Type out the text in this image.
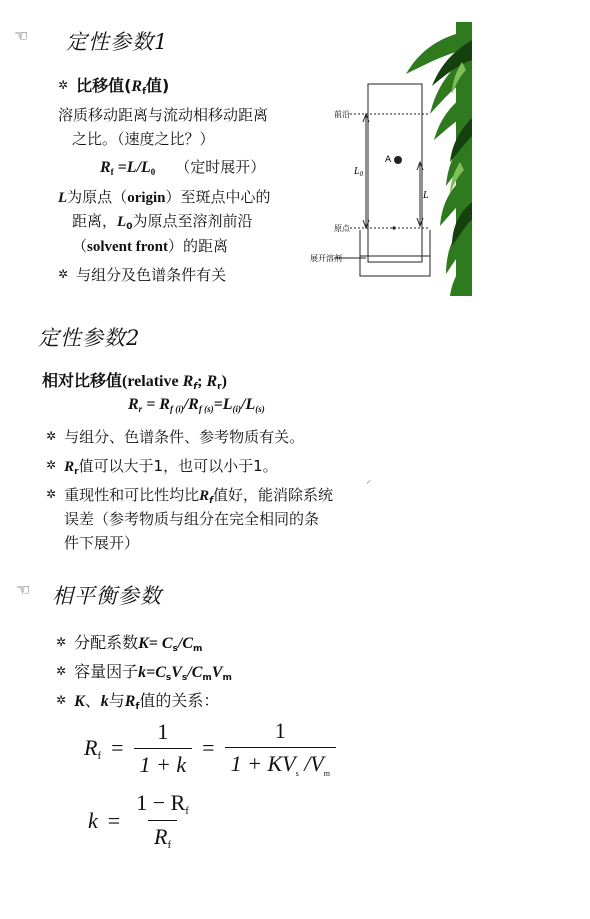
☜ 定性参数1
✲ 比移值($R_f$值)
溶质移动距离与流动相移动距离
之比。（速度之比？）
$R_f =L/L_0$ （定时展开）
L为原点（origin）至斑点中心的
距离，$L_0$为原点至溶剂前沿
（solvent front）的距离
✲ 与组分及色谱条件有关
前沿
原点
展开溶剂
A
$L_0$
L
定性参数2
相对比移值(relative $R_f$; $R_r$)
$R_r = R_{f (i)}/R_{f (s)}=L_{(i)}/L_{(s)}$
✲ 与组分、色谱条件、参考物质有关。
✲ $R_r$值可以大于1，也可以小于1。
✲ 重现性和可比性均比$R_f$值好，能消除系统
误差（参考物质与组分在完全相同的条
件下展开）
⸝
☜ 相平衡参数
✲ 分配系数$K= C_s/C_m$
✲ 容量因子$k=C_sV_s/C_mV_m$
✲ K、k与$R_f$值的关系：
$Rf = \frac{1}{1 + k} = \frac{1}{1 + KV_s /V_m}$
$k = \frac{1 - Rf}{Rf}$
